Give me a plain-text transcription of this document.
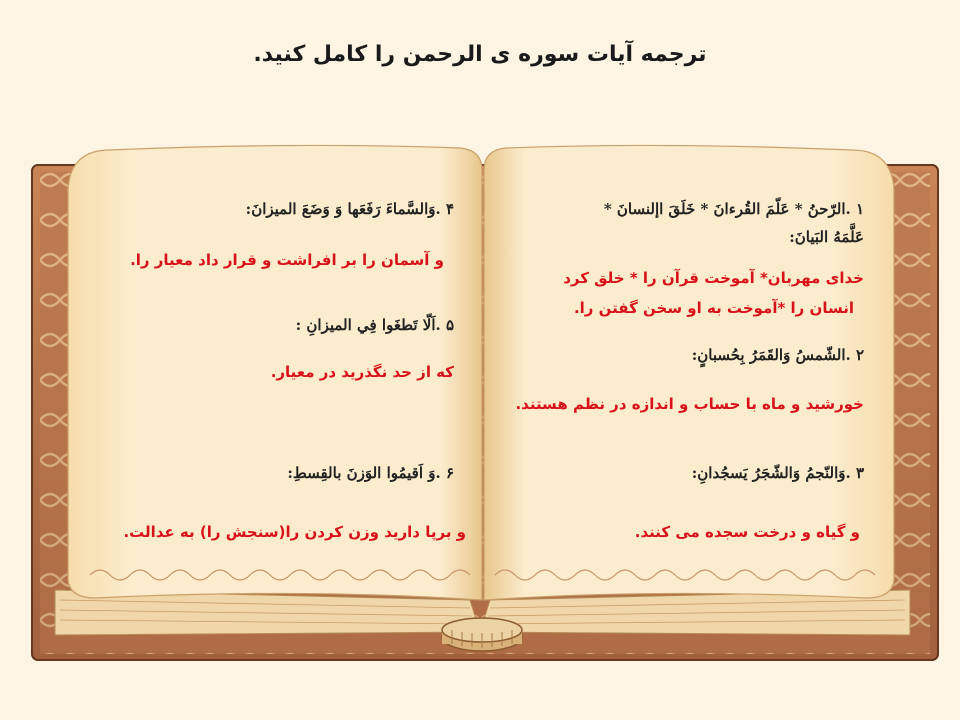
ترجمه آیات سوره ی الرحمن را کامل کنید.
١ .الرّحنُ * عَلّمَ القُرءانَ * خَلَقَ اإلنسانَ *
عَلَّمَهُ البَيانَ:
خدای مهربان* آموخت قرآن را * خلق کرد
انسان را *آموخت به او سخن گفتن را.
٢ .الشّمسُ وَالقَمَرُ بِحُسبانٍ:
خورشید و ماه با حساب و اندازه در نظم هستند.
٣ .وَالنّجمُ وَالشّجَرُ يَسجُدانِ:
و گیاه و درخت سجده می کنند.
۴ .وَالسَّماءَ رَفَعَها وَ وَضَعَ الميزانَ:
و آسمان را بر افراشت و قرار داد معیار را.
۵ .اَلّا تَطغَوا فِي الميزانِ :
که از حد نگذرید در معیار.
۶ .وَ اَقيمُوا الوَزنَ بالقِسطِ:
و برپا دارید وزن کردن را(سنجش را) به عدالت.
